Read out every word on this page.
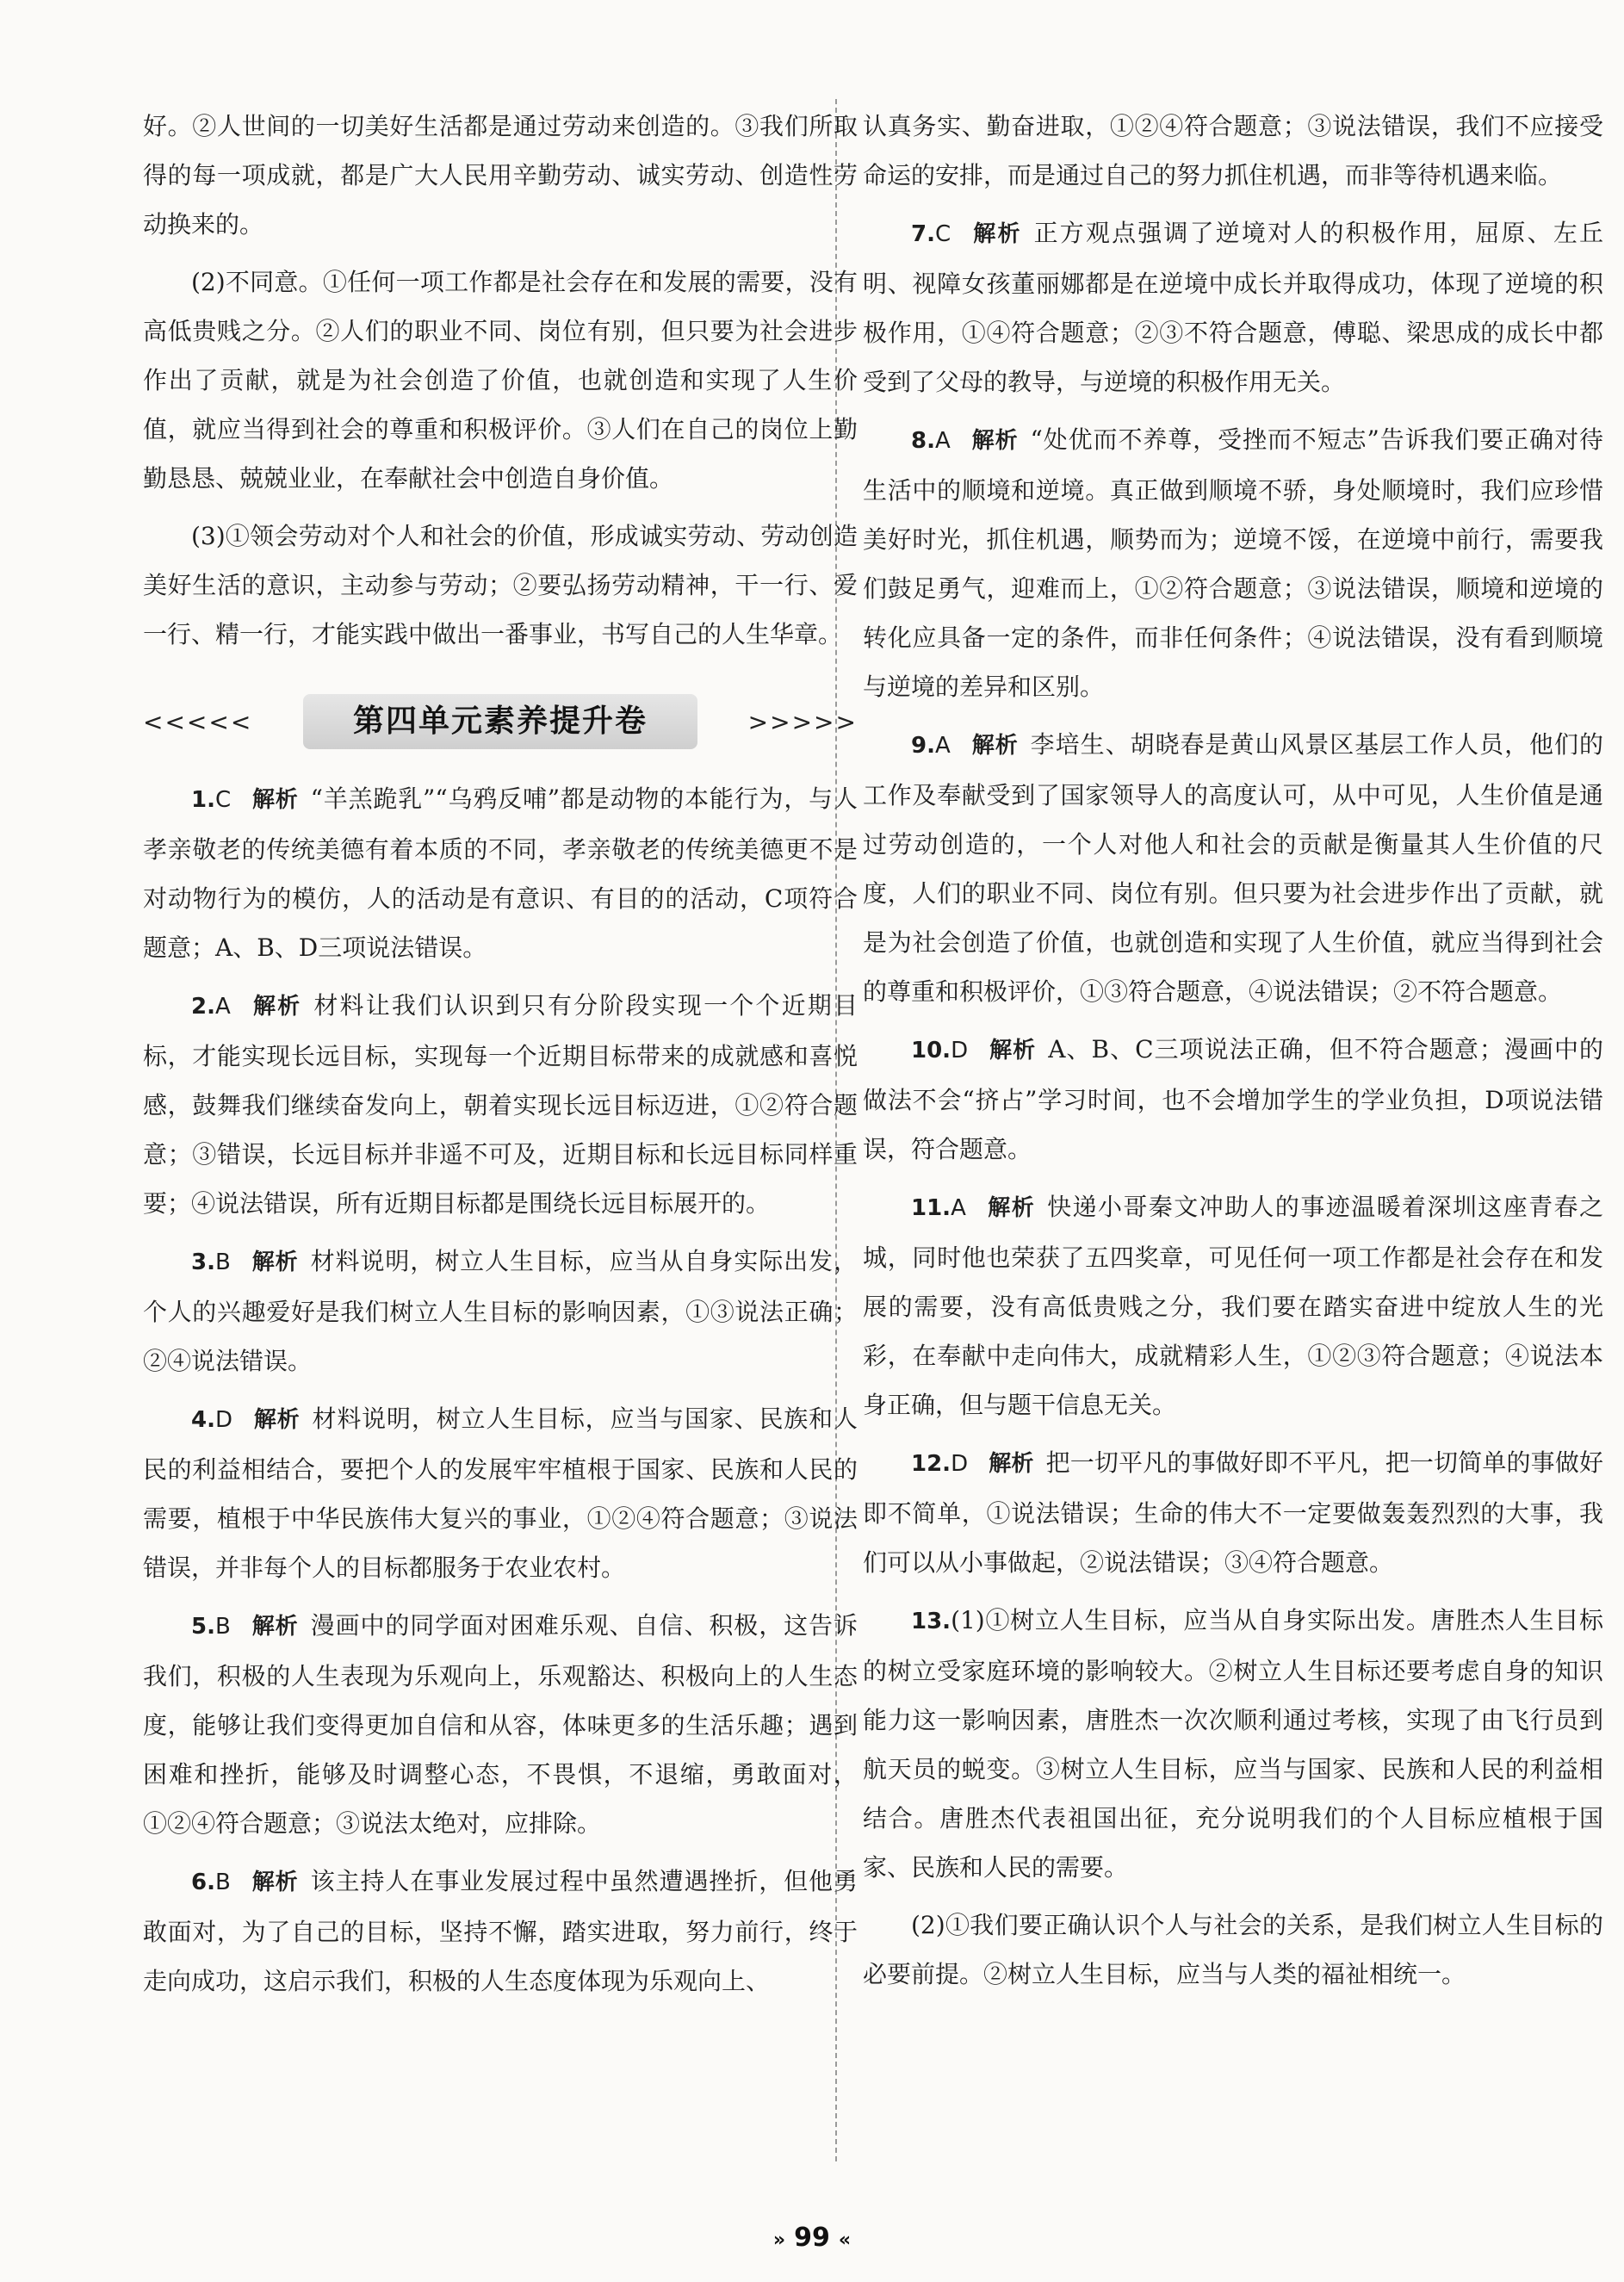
好。②人世间的一切美好生活都是通过劳动来创造的。③我们所取得的每一项成就，都是广大人民用辛勤劳动、诚实劳动、创造性劳动换来的。

(2)不同意。①任何一项工作都是社会存在和发展的需要，没有高低贵贱之分。②人们的职业不同、岗位有别，但只要为社会进步作出了贡献，就是为社会创造了价值，也就创造和实现了人生价值，就应当得到社会的尊重和积极评价。③人们在自己的岗位上勤勤恳恳、兢兢业业，在奉献社会中创造自身价值。

(3)①领会劳动对个人和社会的价值，形成诚实劳动、劳动创造美好生活的意识，主动参与劳动；②要弘扬劳动精神，干一行、爱一行、精一行，才能实践中做出一番事业，书写自己的人生华章。

<<<<<	第四单元素养提升卷	>>>>>

1.C 解析 “羊羔跪乳”“乌鸦反哺”都是动物的本能行为，与人孝亲敬老的传统美德有着本质的不同，孝亲敬老的传统美德更不是对动物行为的模仿，人的活动是有意识、有目的的活动，C项符合题意；A、B、D三项说法错误。

2.A 解析 材料让我们认识到只有分阶段实现一个个近期目标，才能实现长远目标，实现每一个近期目标带来的成就感和喜悦感，鼓舞我们继续奋发向上，朝着实现长远目标迈进，①②符合题意；③错误，长远目标并非遥不可及，近期目标和长远目标同样重要；④说法错误，所有近期目标都是围绕长远目标展开的。

3.B 解析 材料说明，树立人生目标，应当从自身实际出发，个人的兴趣爱好是我们树立人生目标的影响因素，①③说法正确；②④说法错误。

4.D 解析 材料说明，树立人生目标，应当与国家、民族和人民的利益相结合，要把个人的发展牢牢植根于国家、民族和人民的需要，植根于中华民族伟大复兴的事业，①②④符合题意；③说法错误，并非每个人的目标都服务于农业农村。

5.B 解析 漫画中的同学面对困难乐观、自信、积极，这告诉我们，积极的人生表现为乐观向上，乐观豁达、积极向上的人生态度，能够让我们变得更加自信和从容，体味更多的生活乐趣；遇到困难和挫折，能够及时调整心态，不畏惧，不退缩，勇敢面对，①②④符合题意；③说法太绝对，应排除。

6.B 解析 该主持人在事业发展过程中虽然遭遇挫折，但他勇敢面对，为了自己的目标，坚持不懈，踏实进取，努力前行，终于走向成功，这启示我们，积极的人生态度体现为乐观向上、

认真务实、勤奋进取，①②④符合题意；③说法错误，我们不应接受命运的安排，而是通过自己的努力抓住机遇，而非等待机遇来临。

7.C 解析 正方观点强调了逆境对人的积极作用，屈原、左丘明、视障女孩董丽娜都是在逆境中成长并取得成功，体现了逆境的积极作用，①④符合题意；②③不符合题意，傅聪、梁思成的成长中都受到了父母的教导，与逆境的积极作用无关。

8.A 解析 “处优而不养尊，受挫而不短志”告诉我们要正确对待生活中的顺境和逆境。真正做到顺境不骄，身处顺境时，我们应珍惜美好时光，抓住机遇，顺势而为；逆境不馁，在逆境中前行，需要我们鼓足勇气，迎难而上，①②符合题意；③说法错误，顺境和逆境的转化应具备一定的条件，而非任何条件；④说法错误，没有看到顺境与逆境的差异和区别。

9.A 解析 李培生、胡晓春是黄山风景区基层工作人员，他们的工作及奉献受到了国家领导人的高度认可，从中可见，人生价值是通过劳动创造的，一个人对他人和社会的贡献是衡量其人生价值的尺度，人们的职业不同、岗位有别。但只要为社会进步作出了贡献，就是为社会创造了价值，也就创造和实现了人生价值，就应当得到社会的尊重和积极评价，①③符合题意，④说法错误；②不符合题意。

10.D 解析 A、B、C三项说法正确，但不符合题意；漫画中的做法不会“挤占”学习时间，也不会增加学生的学业负担，D项说法错误，符合题意。

11.A 解析 快递小哥秦文冲助人的事迹温暖着深圳这座青春之城，同时他也荣获了五四奖章，可见任何一项工作都是社会存在和发展的需要，没有高低贵贱之分，我们要在踏实奋进中绽放人生的光彩，在奉献中走向伟大，成就精彩人生，①②③符合题意；④说法本身正确，但与题干信息无关。

12.D 解析 把一切平凡的事做好即不平凡，把一切简单的事做好即不简单，①说法错误；生命的伟大不一定要做轰轰烈烈的大事，我们可以从小事做起，②说法错误；③④符合题意。

13.(1)①树立人生目标，应当从自身实际出发。唐胜杰人生目标的树立受家庭环境的影响较大。②树立人生目标还要考虑自身的知识能力这一影响因素，唐胜杰一次次顺利通过考核，实现了由飞行员到航天员的蜕变。③树立人生目标，应当与国家、民族和人民的利益相结合。唐胜杰代表祖国出征，充分说明我们的个人目标应植根于国家、民族和人民的需要。

(2)①我们要正确认识个人与社会的关系，是我们树立人生目标的必要前提。②树立人生目标，应当与人类的福祉相统一。

» 99 «
